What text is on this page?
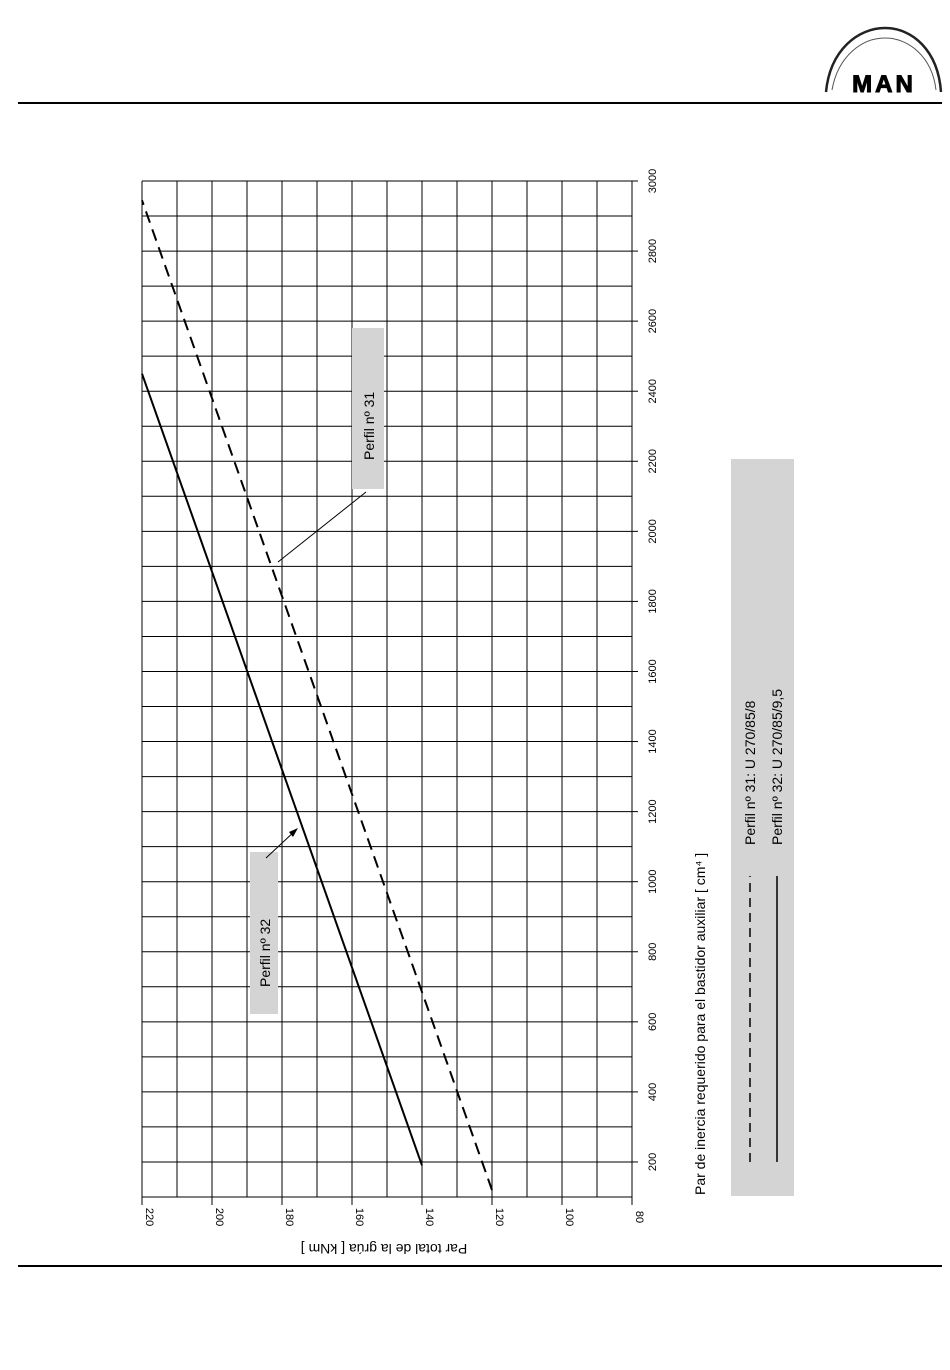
MAN
200
400
600
800
1000
1200
1400
1600
1800
2000
2200
2400
2600
2800
3000
80
100
120
140
160
180
200
220
Par de inercia requerido para el bastidor auxiliar [ cm⁴ ]
Par total de la grúa [ kNm ]
Perfil nº 31
Perfil nº 32
Perfil nº 31: U 270/85/8 Perfil nº 32: U 270/85/9,5
